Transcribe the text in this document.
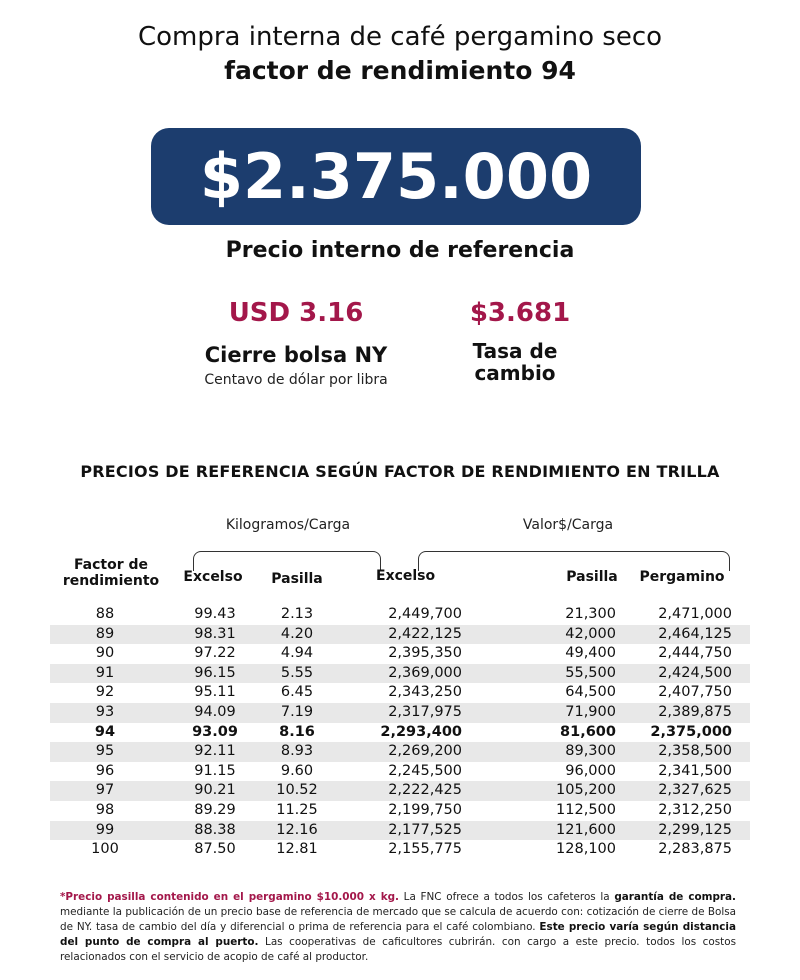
Compra interna de café pergamino seco
factor de rendimiento 94
$2.375.000
Precio interno de referencia
USD 3.16
Cierre bolsa NY
Centavo de dólar por libra
$3.681
Tasa de
cambio
PRECIOS DE REFERENCIA SEGÚN FACTOR DE RENDIMIENTO EN TRILLA
Kilogramos/Carga	Valor$/Carga
Factor de
rendimiento	Excelso	Pasilla	Excelso	Pasilla	Pergamino
88	99.43	2.13	2,449,700	21,300	2,471,000
89	98.31	4.20	2,422,125	42,000	2,464,125
90	97.22	4.94	2,395,350	49,400	2,444,750
91	96.15	5.55	2,369,000	55,500	2,424,500
92	95.11	6.45	2,343,250	64,500	2,407,750
93	94.09	7.19	2,317,975	71,900	2,389,875
94	93.09	8.16	2,293,400	81,600	2,375,000
95	92.11	8.93	2,269,200	89,300	2,358,500
96	91.15	9.60	2,245,500	96,000	2,341,500
97	90.21	10.52	2,222,425	105,200	2,327,625
98	89.29	11.25	2,199,750	112,500	2,312,250
99	88.38	12.16	2,177,525	121,600	2,299,125
100	87.50	12.81	2,155,775	128,100	2,283,875
*Precio pasilla contenido en el pergamino $10.000 x kg. La FNC ofrece a todos los cafeteros la garantía de compra. mediante la publicación de un precio base de referencia de mercado que se calcula de acuerdo con: cotización de cierre de Bolsa de NY. tasa de cambio del día y diferencial o prima de referencia para el café colombiano. Este precio varía según distancia del punto de compra al puerto. Las cooperativas de caficultores cubrirán. con cargo a este precio. todos los costos relacionados con el servicio de acopio de café al productor.
